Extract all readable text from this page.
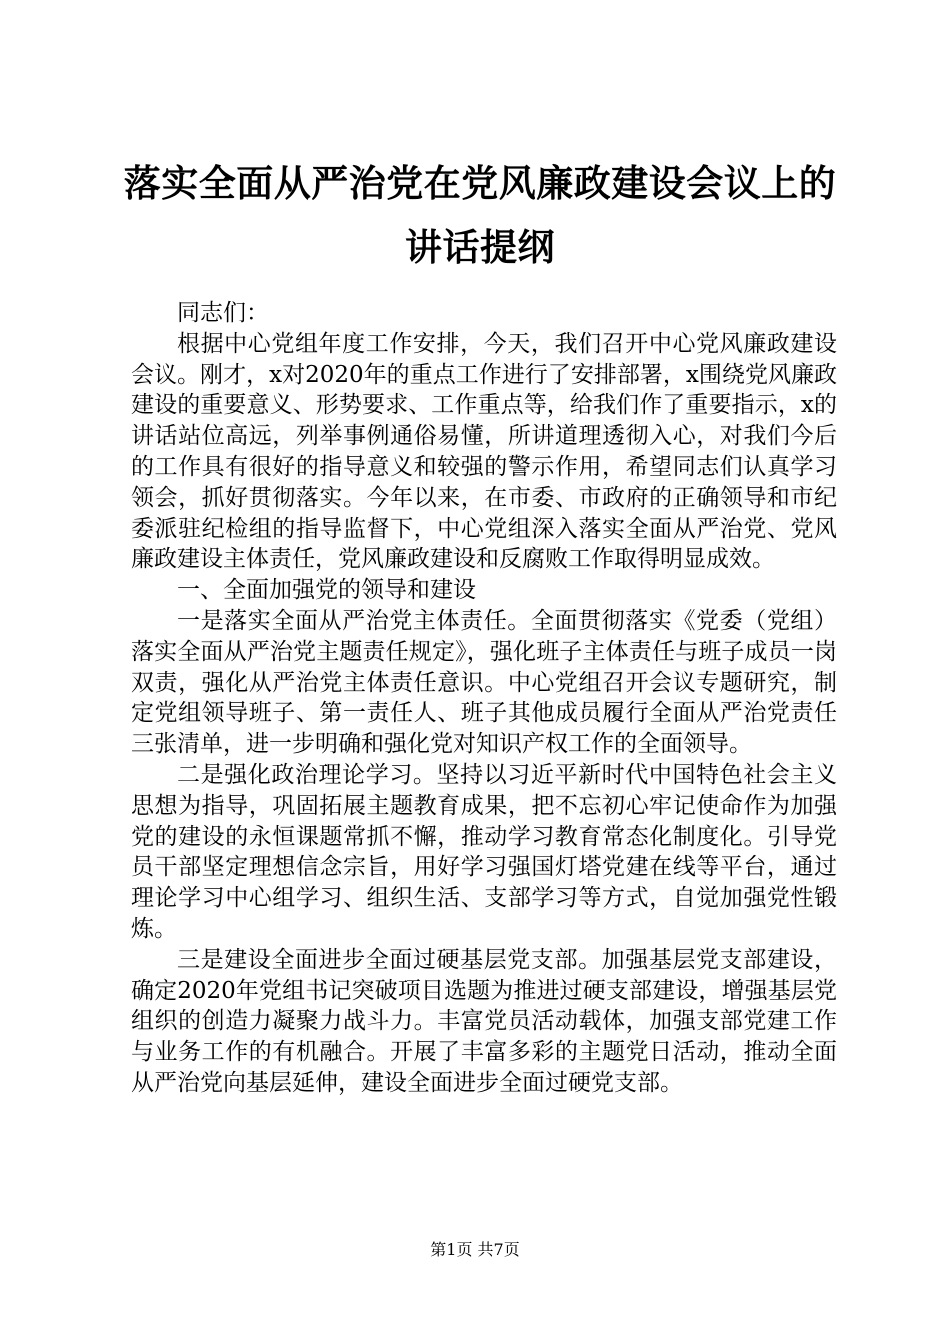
落实全面从严治党在党风廉政建设会议上的讲话提纲

同志们：

根据中心党组年度工作安排，今天，我们召开中心党风廉政建设会议。刚才，x对2020年的重点工作进行了安排部署，x围绕党风廉政建设的重要意义、形势要求、工作重点等，给我们作了重要指示，x的讲话站位高远，列举事例通俗易懂，所讲道理透彻入心，对我们今后的工作具有很好的指导意义和较强的警示作用，希望同志们认真学习领会，抓好贯彻落实。今年以来，在市委、市政府的正确领导和市纪委派驻纪检组的指导监督下，中心党组深入落实全面从严治党、党风廉政建设主体责任，党风廉政建设和反腐败工作取得明显成效。

一、全面加强党的领导和建设

一是落实全面从严治党主体责任。全面贯彻落实《党委（党组）落实全面从严治党主题责任规定》，强化班子主体责任与班子成员一岗双责，强化从严治党主体责任意识。中心党组召开会议专题研究，制定党组领导班子、第一责任人、班子其他成员履行全面从严治党责任三张清单，进一步明确和强化党对知识产权工作的全面领导。

二是强化政治理论学习。坚持以习近平新时代中国特色社会主义思想为指导，巩固拓展主题教育成果，把不忘初心牢记使命作为加强党的建设的永恒课题常抓不懈，推动学习教育常态化制度化。引导党员干部坚定理想信念宗旨，用好学习强国灯塔党建在线等平台，通过理论学习中心组学习、组织生活、支部学习等方式，自觉加强党性锻炼。

三是建设全面进步全面过硬基层党支部。加强基层党支部建设，确定2020年党组书记突破项目选题为推进过硬支部建设，增强基层党组织的创造力凝聚力战斗力。丰富党员活动载体，加强支部党建工作与业务工作的有机融合。开展了丰富多彩的主题党日活动，推动全面从严治党向基层延伸，建设全面进步全面过硬党支部。

第1页 共7页
